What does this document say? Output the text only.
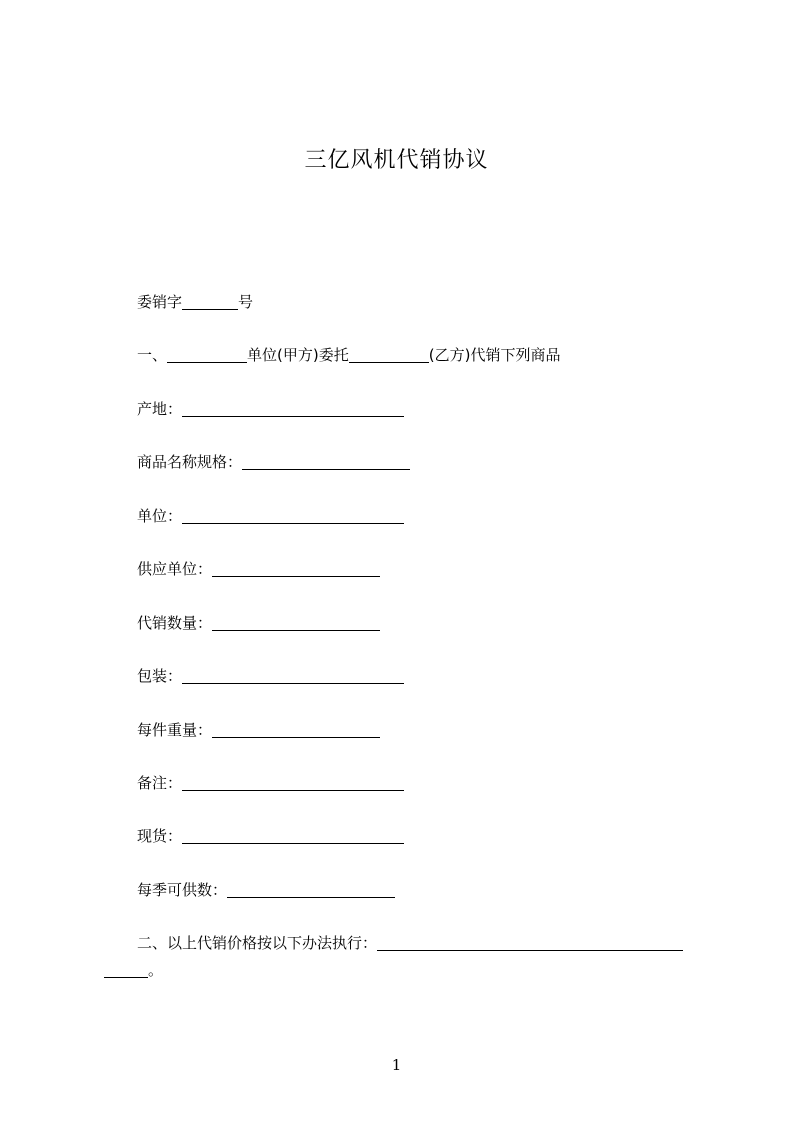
三亿风机代销协议
委销字	号
一、	单位(甲方)委托	(乙方)代销下列商品
产地：
商品名称规格：
单位：
供应单位：
代销数量：
包装：
每件重量：
备注：
现货：
每季可供数：
二、以上代销价格按以下办法执行：
。
1
